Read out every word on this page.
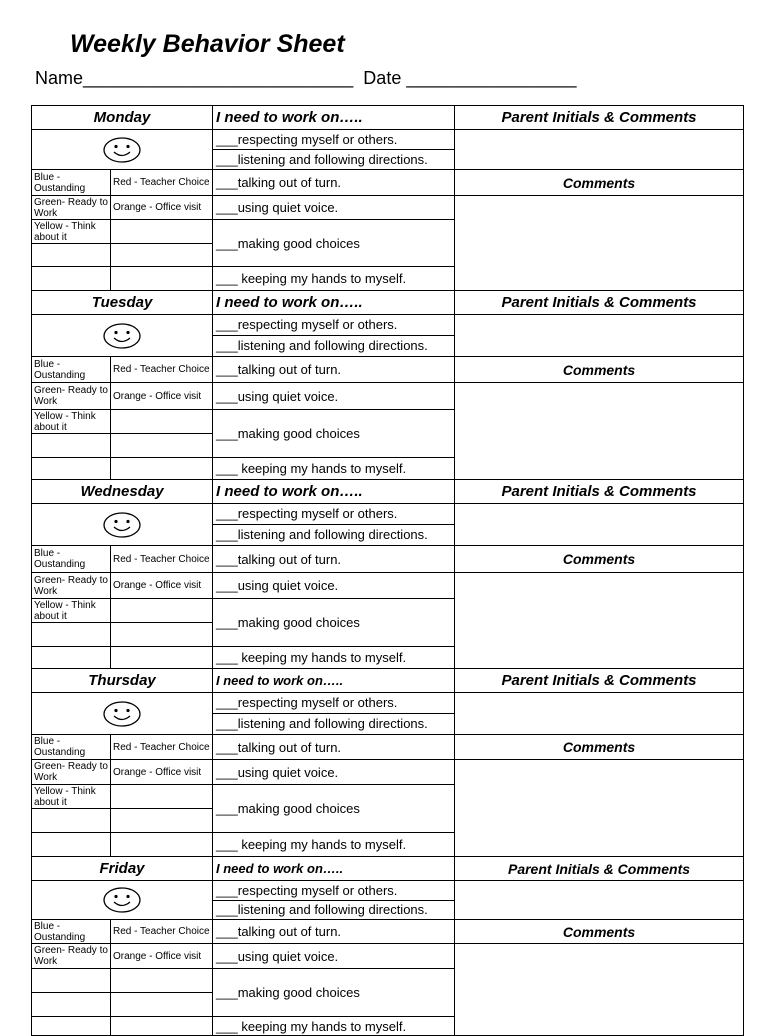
Weekly Behavior Sheet
Name___________________________  Date _________________
Monday		I need to work on…..	Parent Initials & Comments

___respecting myself or others.
___listening and following directions.	

Blue - Oustanding	Red - Teacher Choice	___talking out of turn.	Comments
Green- Ready to Work	Orange - Office visit	___using quiet voice.	
Yellow - Think about it		___making good choices	

		___ keeping my hands to myself.	
Tuesday		I need to work on…..	Parent Initials & Comments

___respecting myself or others.
___listening and following directions.	

Blue - Oustanding	Red - Teacher Choice	___talking out of turn.	Comments
Green- Ready to Work	Orange - Office visit	___using quiet voice.	
Yellow - Think about it		___making good choices	

		___ keeping my hands to myself.	
Wednesday		I need to work on…..	Parent Initials & Comments

___respecting myself or others.
___listening and following directions.	

Blue - Oustanding	Red - Teacher Choice	___talking out of turn.	Comments
Green- Ready to Work	Orange - Office visit	___using quiet voice.	
Yellow - Think about it		___making good choices	

		___ keeping my hands to myself.	
Thursday		I need to work on…..	Parent Initials & Comments

___respecting myself or others.
___listening and following directions.	

Blue - Oustanding	Red - Teacher Choice	___talking out of turn.	Comments
Green- Ready to Work	Orange - Office visit	___using quiet voice.	
Yellow - Think about it		___making good choices	

		___ keeping my hands to myself.	
Friday		I need to work on…..	Parent Initials & Comments

___respecting myself or others.
___listening and following directions.	

Blue - Oustanding	Red - Teacher Choice	___talking out of turn.	Comments
Green- Ready to Work	Orange - Office visit	___using quiet voice.	
		___making good choices	

		___ keeping my hands to myself.	
